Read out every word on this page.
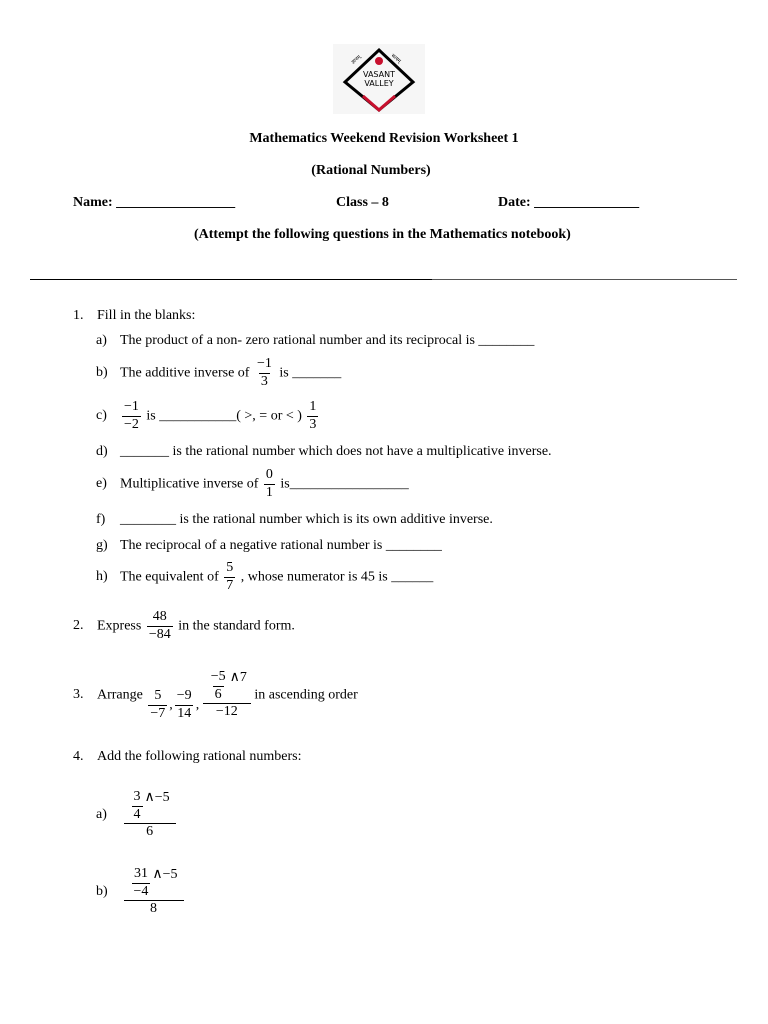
ज्ञानम्	सत्यम्
VASANT
VALLEY
Mathematics Weekend Revision Worksheet 1
(Rational Numbers)
Name: _________________	Class – 8	Date: _______________
(Attempt the following questions in the Mathematics notebook)
1. Fill in the blanks:
a) The product of a non- zero rational number and its reciprocal is ________
b) The additive inverse of $\frac{-1}{3}$ is _______
$c) \frac{-1}{-2}$ is ___________( >, = or < ) $\frac{1}{3}$
d) _______ is the rational number which does not have a multiplicative inverse.
e) Multiplicative inverse of $\frac{0}{1}$ is_________________
f) ________ is the rational number which is its own additive inverse.
g) The reciprocal of a negative rational number is ________
h) The equivalent of $\frac{5}{7}$ , whose numerator is 45 is ______
2. Express $\frac{48}{-84}$ in the standard form.
3. Arrange $\frac{5}{-7}$ , $\frac{-9}{14}$ , $\frac{\frac{-5}{6} \wedge 7}{-12}$ in ascending order
4. Add the following rational numbers:
$a) \frac{\frac{3}{4} \wedge-5}{6}$
$b) \frac{\frac{31}{-4} \wedge-5}{8}$
